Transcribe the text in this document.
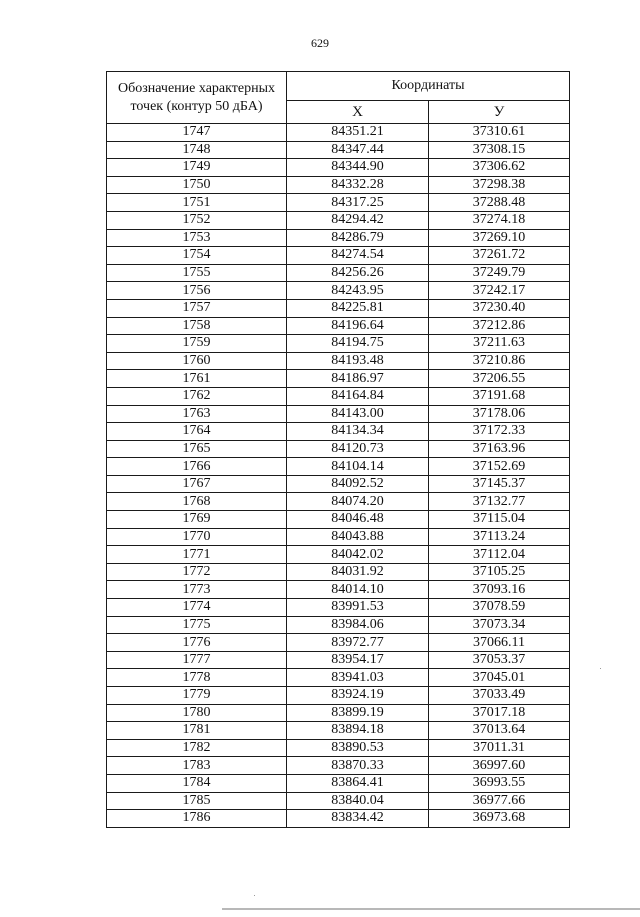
629
Обозначение характерных точек (контур 50 дБА)	Координаты	
	X	У
1747	84351.21	37310.61
1748	84347.44	37308.15
1749	84344.90	37306.62
1750	84332.28	37298.38
1751	84317.25	37288.48
1752	84294.42	37274.18
1753	84286.79	37269.10
1754	84274.54	37261.72
1755	84256.26	37249.79
1756	84243.95	37242.17
1757	84225.81	37230.40
1758	84196.64	37212.86
1759	84194.75	37211.63
1760	84193.48	37210.86
1761	84186.97	37206.55
1762	84164.84	37191.68
1763	84143.00	37178.06
1764	84134.34	37172.33
1765	84120.73	37163.96
1766	84104.14	37152.69
1767	84092.52	37145.37
1768	84074.20	37132.77
1769	84046.48	37115.04
1770	84043.88	37113.24
1771	84042.02	37112.04
1772	84031.92	37105.25
1773	84014.10	37093.16
1774	83991.53	37078.59
1775	83984.06	37073.34
1776	83972.77	37066.11
1777	83954.17	37053.37
1778	83941.03	37045.01
1779	83924.19	37033.49
1780	83899.19	37017.18
1781	83894.18	37013.64
1782	83890.53	37011.31
1783	83870.33	36997.60
1784	83864.41	36993.55
1785	83840.04	36977.66
1786	83834.42	36973.68
